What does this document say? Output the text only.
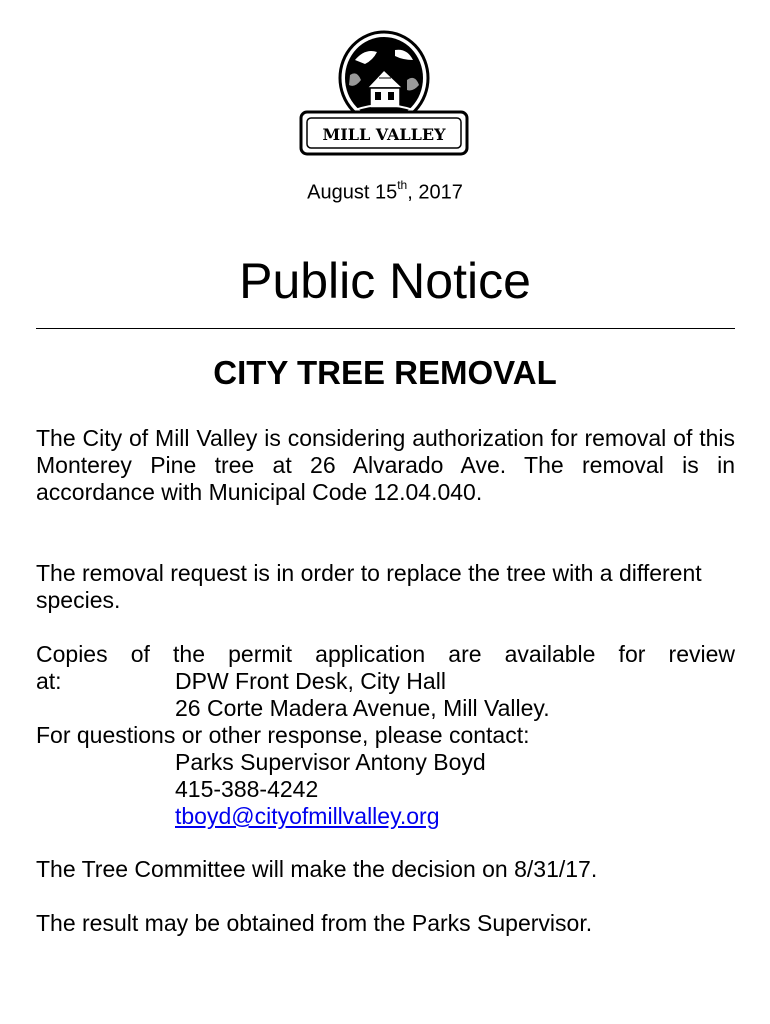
MILL VALLEY
August 15th, 2017
Public Notice
CITY TREE REMOVAL
The City of Mill Valley is considering authorization for removal of this Monterey Pine tree at 26 Alvarado Ave. The removal is in accordance with Municipal Code 12.04.040.
The removal request is in order to replace the tree with a different species.
Copies of the permit application are available for review
at:	DPW Front Desk, City Hall
26 Corte Madera Avenue, Mill Valley.
For questions or other response, please contact:
Parks Supervisor Antony Boyd
415-388-4242
tboyd@cityofmillvalley.org
The Tree Committee will make the decision on 8/31/17.
The result may be obtained from the Parks Supervisor.
